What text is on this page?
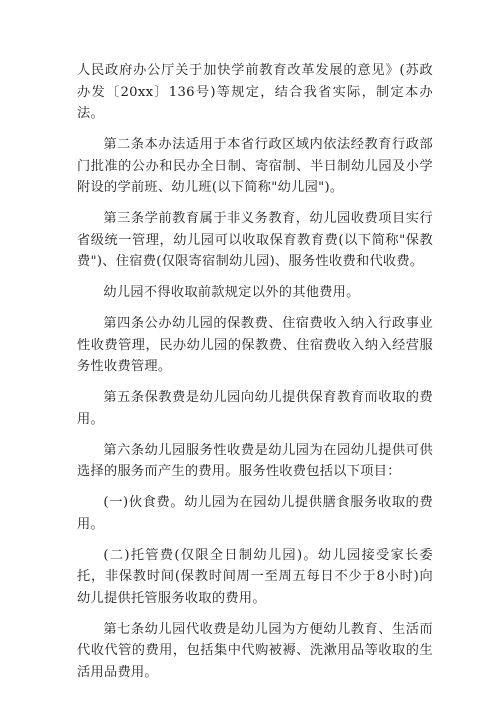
人民政府办公厅关于加快学前教育改革发展的意见》(苏政办发〔20xx〕136号)等规定，结合我省实际，制定本办法。

第二条本办法适用于本省行政区域内依法经教育行政部门批准的公办和民办全日制、寄宿制、半日制幼儿园及小学附设的学前班、幼儿班(以下简称"幼儿园")。

第三条学前教育属于非义务教育，幼儿园收费项目实行省级统一管理，幼儿园可以收取保育教育费(以下简称"保教费")、住宿费(仅限寄宿制幼儿园)、服务性收费和代收费。

幼儿园不得收取前款规定以外的其他费用。

第四条公办幼儿园的保教费、住宿费收入纳入行政事业性收费管理，民办幼儿园的保教费、住宿费收入纳入经营服务性收费管理。

第五条保教费是幼儿园向幼儿提供保育教育而收取的费用。

第六条幼儿园服务性收费是幼儿园为在园幼儿提供可供选择的服务而产生的费用。服务性收费包括以下项目：

(一)伙食费。幼儿园为在园幼儿提供膳食服务收取的费用。

(二)托管费(仅限全日制幼儿园)。幼儿园接受家长委托，非保教时间(保教时间周一至周五每日不少于8小时)向幼儿提供托管服务收取的费用。

第七条幼儿园代收费是幼儿园为方便幼儿教育、生活而代收代管的费用，包括集中代购被褥、洗漱用品等收取的生活用品费用。
